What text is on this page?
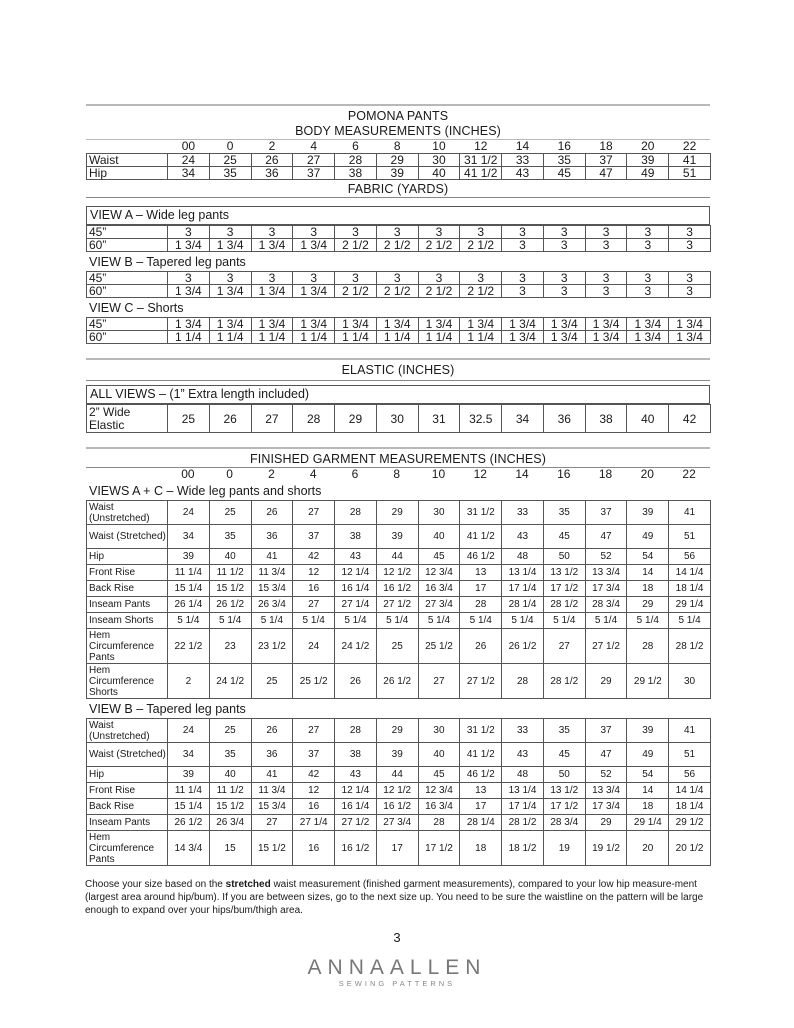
POMONA PANTS
BODY MEASUREMENTS (INCHES)
	00	0	2	4	6	8	10	12	14	16	18	20	22
Waist	24	25	26	27	28	29	30	31 1/2	33	35	37	39	41
Hip	34	35	36	37	38	39	40	41 1/2	43	45	47	49	51
FABRIC (YARDS)
VIEW A – Wide leg pants
45”	3	3	3	3	3	3	3	3	3	3	3	3	3
60”	1 3/4	1 3/4	1 3/4	1 3/4	2 1/2	2 1/2	2 1/2	2 1/2	3	3	3	3	3
VIEW B – Tapered leg pants
45”	3	3	3	3	3	3	3	3	3	3	3	3	3
60”	1 3/4	1 3/4	1 3/4	1 3/4	2 1/2	2 1/2	2 1/2	2 1/2	3	3	3	3	3
VIEW C – Shorts
45”	1 3/4	1 3/4	1 3/4	1 3/4	1 3/4	1 3/4	1 3/4	1 3/4	1 3/4	1 3/4	1 3/4	1 3/4	1 3/4
60”	1 1/4	1 1/4	1 1/4	1 1/4	1 1/4	1 1/4	1 1/4	1 1/4	1 3/4	1 3/4	1 3/4	1 3/4	1 3/4
ELASTIC (INCHES)
ALL VIEWS – (1” Extra length included)
2” Wide Elastic	25	26	27	28	29	30	31	32.5	34	36	38	40	42
FINISHED GARMENT MEASUREMENTS (INCHES)
	00	0	2	4	6	8	10	12	14	16	18	20	22
VIEWS A + C – Wide leg pants and shorts
Waist (Unstretched)	24	25	26	27	28	29	30	31 1/2	33	35	37	39	41
Waist (Stretched)	34	35	36	37	38	39	40	41 1/2	43	45	47	49	51
Hip	39	40	41	42	43	44	45	46 1/2	48	50	52	54	56
Front Rise	11 1/4	11 1/2	11 3/4	12	12 1/4	12 1/2	12 3/4	13	13 1/4	13 1/2	13 3/4	14	14 1/4
Back Rise	15 1/4	15 1/2	15 3/4	16	16 1/4	16 1/2	16 3/4	17	17 1/4	17 1/2	17 3/4	18	18 1/4
Inseam Pants	26 1/4	26 1/2	26 3/4	27	27 1/4	27 1/2	27 3/4	28	28 1/4	28 1/2	28 3/4	29	29 1/4
Inseam Shorts	5 1/4	5 1/4	5 1/4	5 1/4	5 1/4	5 1/4	5 1/4	5 1/4	5 1/4	5 1/4	5 1/4	5 1/4	5 1/4
Hem Circumference Pants	22 1/2	23	23 1/2	24	24 1/2	25	25 1/2	26	26 1/2	27	27 1/2	28	28 1/2
Hem Circumference Shorts	2	24 1/2	25	25 1/2	26	26 1/2	27	27 1/2	28	28 1/2	29	29 1/2	30
VIEW B – Tapered leg pants
Waist (Unstretched)	24	25	26	27	28	29	30	31 1/2	33	35	37	39	41
Waist (Stretched)	34	35	36	37	38	39	40	41 1/2	43	45	47	49	51
Hip	39	40	41	42	43	44	45	46 1/2	48	50	52	54	56
Front Rise	11 1/4	11 1/2	11 3/4	12	12 1/4	12 1/2	12 3/4	13	13 1/4	13 1/2	13 3/4	14	14 1/4
Back Rise	15 1/4	15 1/2	15 3/4	16	16 1/4	16 1/2	16 3/4	17	17 1/4	17 1/2	17 3/4	18	18 1/4
Inseam Pants	26 1/2	26 3/4	27	27 1/4	27 1/2	27 3/4	28	28 1/4	28 1/2	28 3/4	29	29 1/4	29 1/2
Hem Circumference Pants	14 3/4	15	15 1/2	16	16 1/2	17	17 1/2	18	18 1/2	19	19 1/2	20	20 1/2
Choose your size based on the stretched waist measurement (finished garment measurements), compared to your low hip measure-ment (largest area around hip/bum). If you are between sizes, go to the next size up. You need to be sure the waistline on the pattern will be large enough to expand over your hips/bum/thigh area.
3
ANNAALLEN
SEWING PATTERNS
